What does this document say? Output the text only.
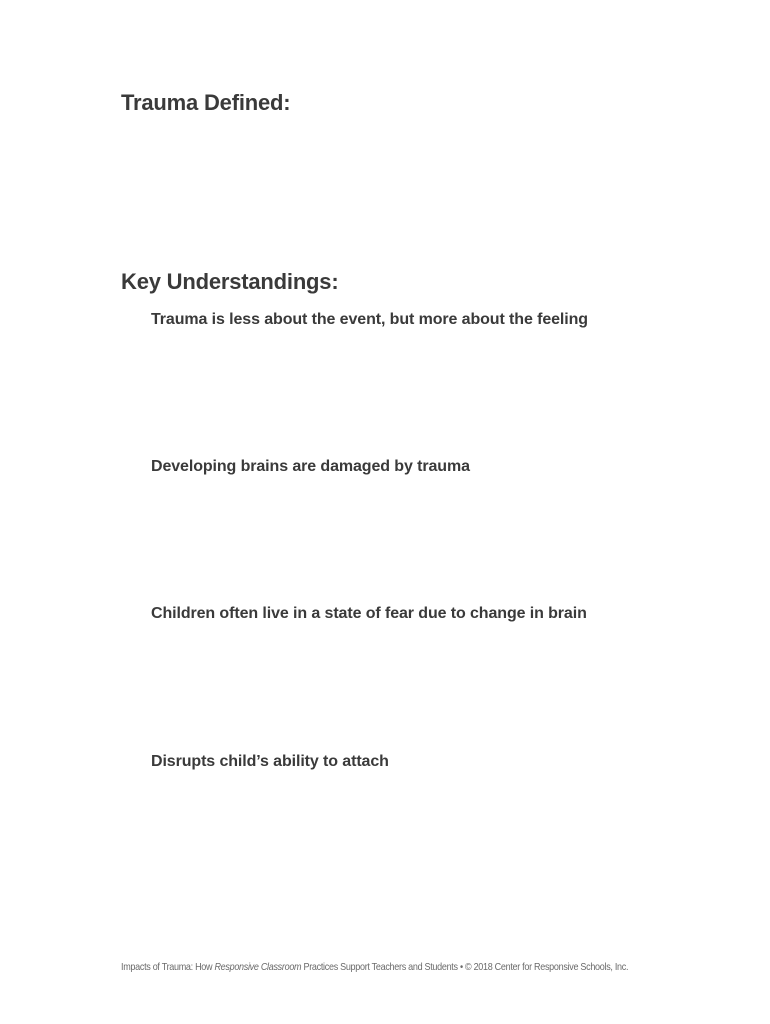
Trauma Defined:
Key Understandings:

Trauma is less about the event, but more about the feeling

Developing brains are damaged by trauma

Children often live in a state of fear due to change in brain

Disrupts child’s ability to attach

Impacts of Trauma: How Responsive Classroom Practices Support Teachers and Students • © 2018 Center for Responsive Schools, Inc.
